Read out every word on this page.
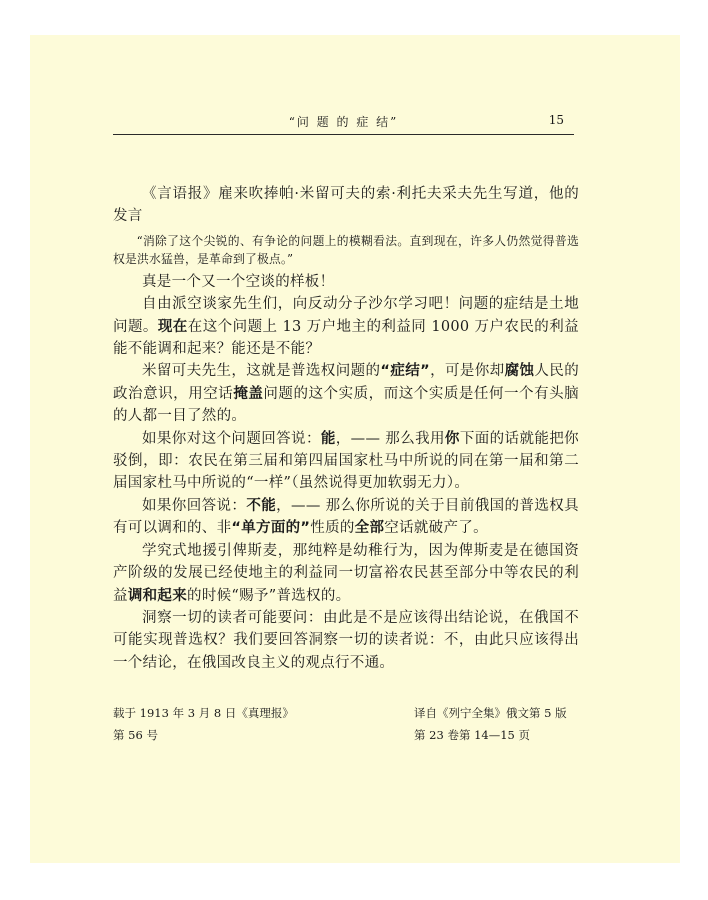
“问 题 的 症 结”	15

《言语报》雇来吹捧帕·米留可夫的索·利托夫采夫先生写道，他的发言

“消除了这个尖锐的、有争论的问题上的模糊看法。直到现在，许多人仍然觉得普选权是洪水猛兽，是革命到了极点。”

真是一个又一个空谈的样板！

自由派空谈家先生们，向反动分子沙尔学习吧！问题的症结是土地问题。现在在这个问题上 13 万户地主的利益同 1000 万户农民的利益能不能调和起来？能还是不能？

米留可夫先生，这就是普选权问题的“症结”，可是你却腐蚀人民的政治意识，用空话掩盖问题的这个实质，而这个实质是任何一个有头脑的人都一目了然的。

如果你对这个问题回答说：能，—— 那么我用你下面的话就能把你驳倒，即：农民在第三届和第四届国家杜马中所说的同在第一届和第二届国家杜马中所说的“一样”（虽然说得更加软弱无力）。

如果你回答说：不能，—— 那么你所说的关于目前俄国的普选权具有可以调和的、非“单方面的”性质的全部空话就破产了。

学究式地援引俾斯麦，那纯粹是幼稚行为，因为俾斯麦是在德国资产阶级的发展已经使地主的利益同一切富裕农民甚至部分中等农民的利益调和起来的时候“赐予”普选权的。

洞察一切的读者可能要问：由此是不是应该得出结论说，在俄国不可能实现普选权？我们要回答洞察一切的读者说：不，由此只应该得出一个结论，在俄国改良主义的观点行不通。

载于 1913 年 3 月 8 日《真理报》	译自《列宁全集》俄文第 5 版
第 56 号	第 23 卷第 14—15 页
